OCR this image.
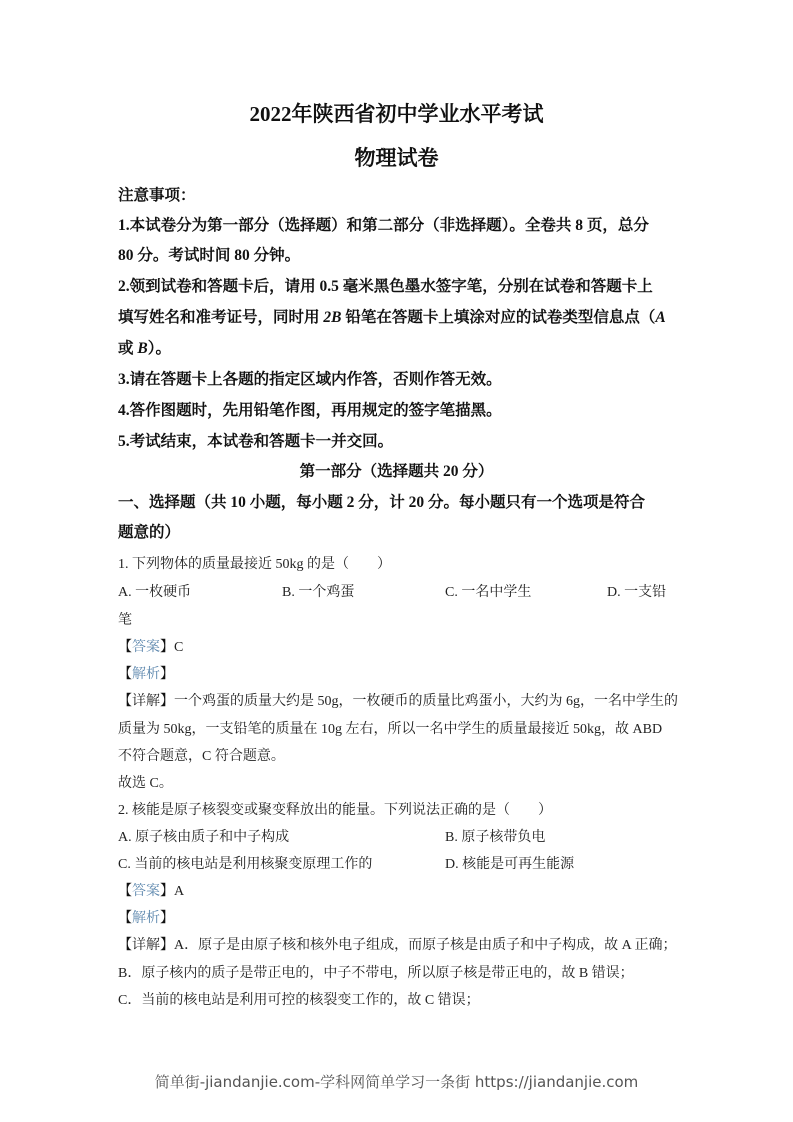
2022年陕西省初中学业水平考试
物理试卷
注意事项：
1.本试卷分为第一部分（选择题）和第二部分（非选择题）。全卷共 8 页，总分
80 分。考试时间 80 分钟。
2.领到试卷和答题卡后，请用 0.5 毫米黑色墨水签字笔，分别在试卷和答题卡上
填写姓名和准考证号，同时用 2B 铅笔在答题卡上填涂对应的试卷类型信息点（A
或 B）。
3.请在答题卡上各题的指定区域内作答，否则作答无效。
4.答作图题时，先用铅笔作图，再用规定的签字笔描黑。
5.考试结束，本试卷和答题卡一并交回。
第一部分（选择题共 20 分）
一、选择题（共 10 小题，每小题 2 分，计 20 分。每小题只有一个选项是符合
题意的）
1. 下列物体的质量最接近 50kg 的是（　　）
A. 一枚硬币	B. 一个鸡蛋	C. 一名中学生	D. 一支铅
笔
【答案】C
【解析】
【详解】一个鸡蛋的质量大约是 50g，一枚硬币的质量比鸡蛋小，大约为 6g，一名中学生的
质量为 50kg，一支铅笔的质量在 10g 左右，所以一名中学生的质量最接近 50kg，故 ABD
不符合题意，C 符合题意。
故选 C。
2. 核能是原子核裂变或聚变释放出的能量。下列说法正确的是（　　）
A. 原子核由质子和中子构成	B. 原子核带负电
C. 当前的核电站是利用核聚变原理工作的	D. 核能是可再生能源
【答案】A
【解析】
【详解】A．原子是由原子核和核外电子组成，而原子核是由质子和中子构成，故 A 正确；
B．原子核内的质子是带正电的，中子不带电，所以原子核是带正电的，故 B 错误；
C．当前的核电站是利用可控的核裂变工作的，故 C 错误；
简单街-jiandanjie.com-学科网简单学习一条街 https://jiandanjie.com
